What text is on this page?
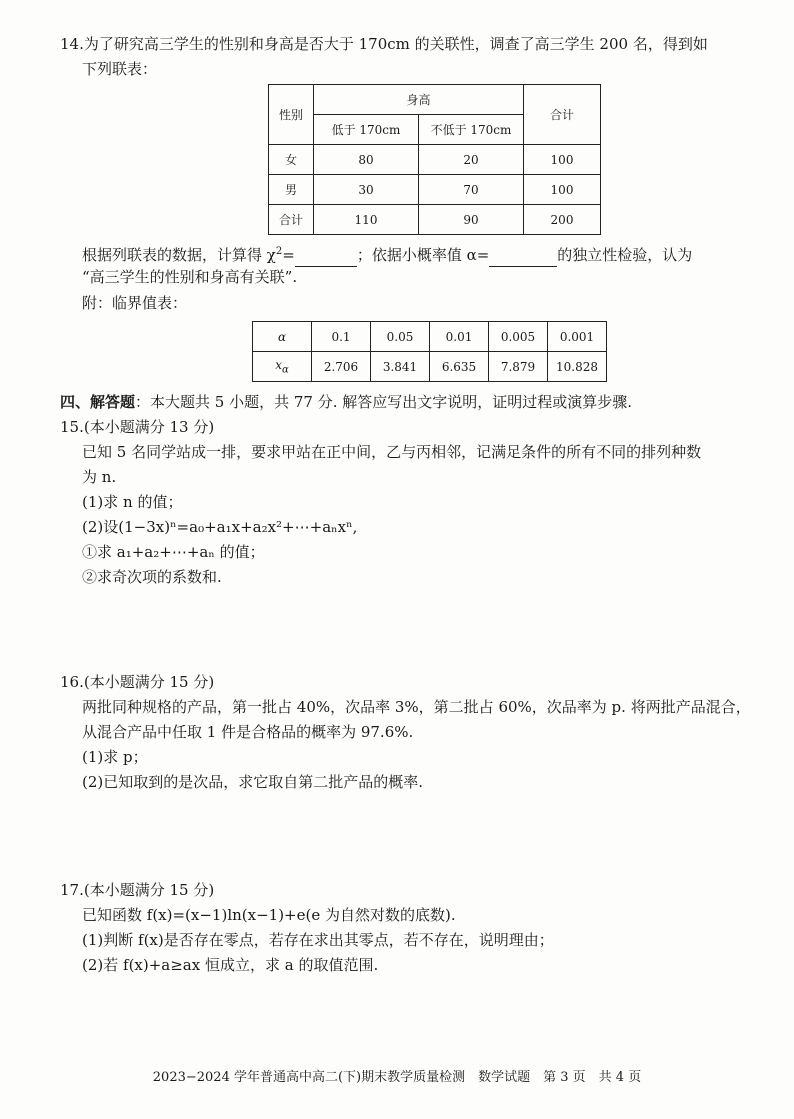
14.为了研究高三学生的性别和身高是否大于 170cm 的关联性，调查了高三学生 200 名，得到如
下列联表：
性别	身高		合计
	低于 170cm	不低于 170cm	
女	80	20	100
男	30	70	100
合计	110	90	200
根据列联表的数据，计算得 $\chi^2=$	；依据小概率值 α=	的独立性检验，认为
“高三学生的性别和身高有关联”.
附：临界值表：
α	0.1	0.05	0.01	0.005	0.001
$x_\alpha$	2.706	3.841	6.635	7.879	10.828
四、解答题：本大题共 5 小题，共 77 分. 解答应写出文字说明，证明过程或演算步骤.
15.(本小题满分 13 分)
已知 5 名同学站成一排，要求甲站在正中间，乙与丙相邻，记满足条件的所有不同的排列种数
为 n.
(1)求 n 的值；
(2)设(1−3x)ⁿ=a₀+a₁x+a₂x²+⋯+aₙxⁿ,
①求 a₁+a₂+⋯+aₙ 的值；
②求奇次项的系数和.
16.(本小题满分 15 分)
两批同种规格的产品，第一批占 40%，次品率 3%，第二批占 60%，次品率为 p. 将两批产品混合，
从混合产品中任取 1 件是合格品的概率为 97.6%.
(1)求 p；
(2)已知取到的是次品，求它取自第二批产品的概率.
17.(本小题满分 15 分)
已知函数 f(x)=(x−1)ln(x−1)+e(e 为自然对数的底数).
(1)判断 f(x)是否存在零点，若存在求出其零点，若不存在，说明理由；
(2)若 f(x)+a≥ax 恒成立，求 a 的取值范围.
2023−2024 学年普通高中高二(下)期末教学质量检测　数学试题　第 3 页　共 4 页
